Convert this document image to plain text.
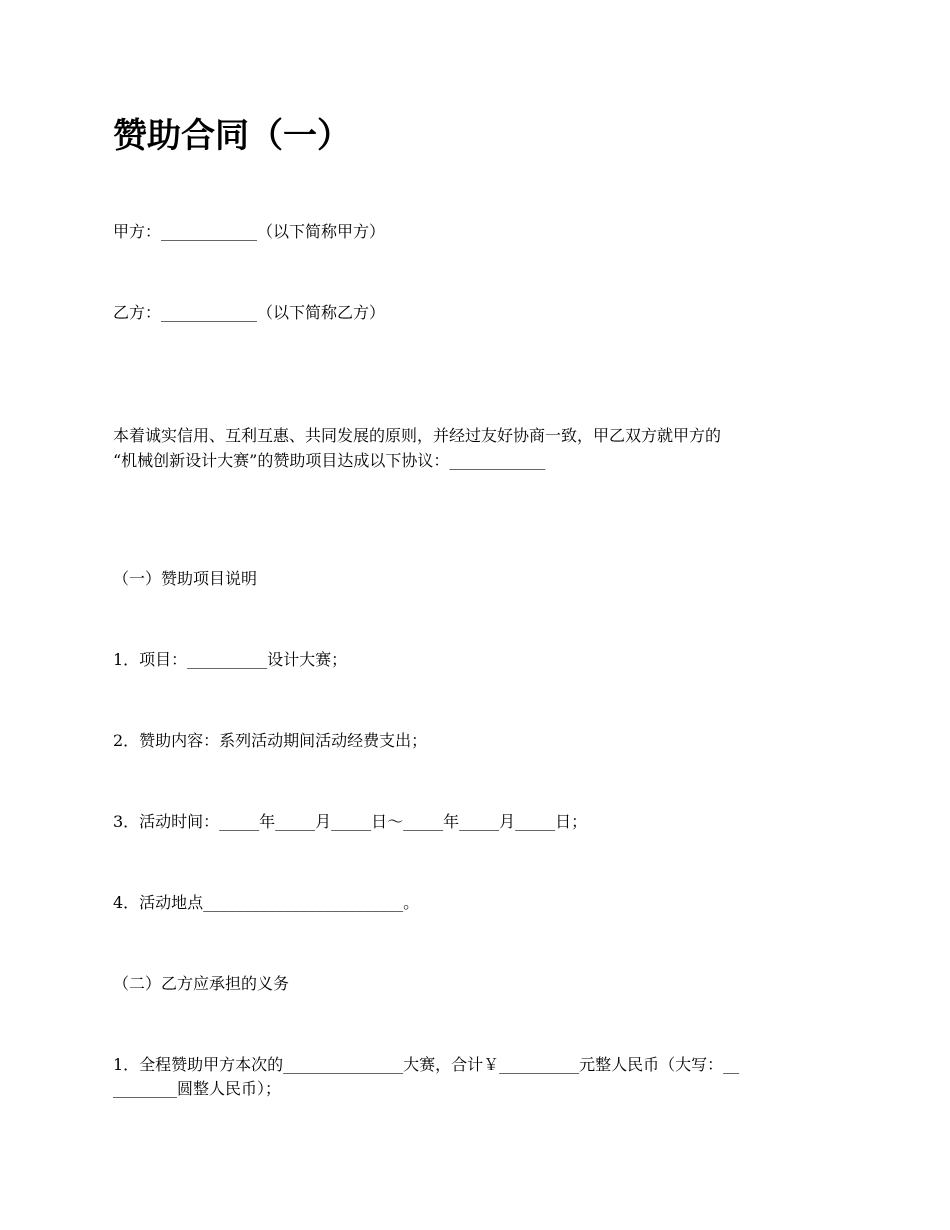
赞助合同（一）
甲方：____________（以下简称甲方）
乙方：____________（以下简称乙方）
本着诚实信用、互利互惠、共同发展的原则，并经过友好协商一致，甲乙双方就甲方的
“机械创新设计大赛”的赞助项目达成以下协议：____________
（一）赞助项目说明
1．项目：__________设计大赛；
2．赞助内容：系列活动期间活动经费支出；
3．活动时间：_____年_____月_____日～_____年_____月_____日；
4．活动地点_________________________。
（二）乙方应承担的义务
1．全程赞助甲方本次的_______________大赛，合计￥__________元整人民币（大写：__
________圆整人民币）；
